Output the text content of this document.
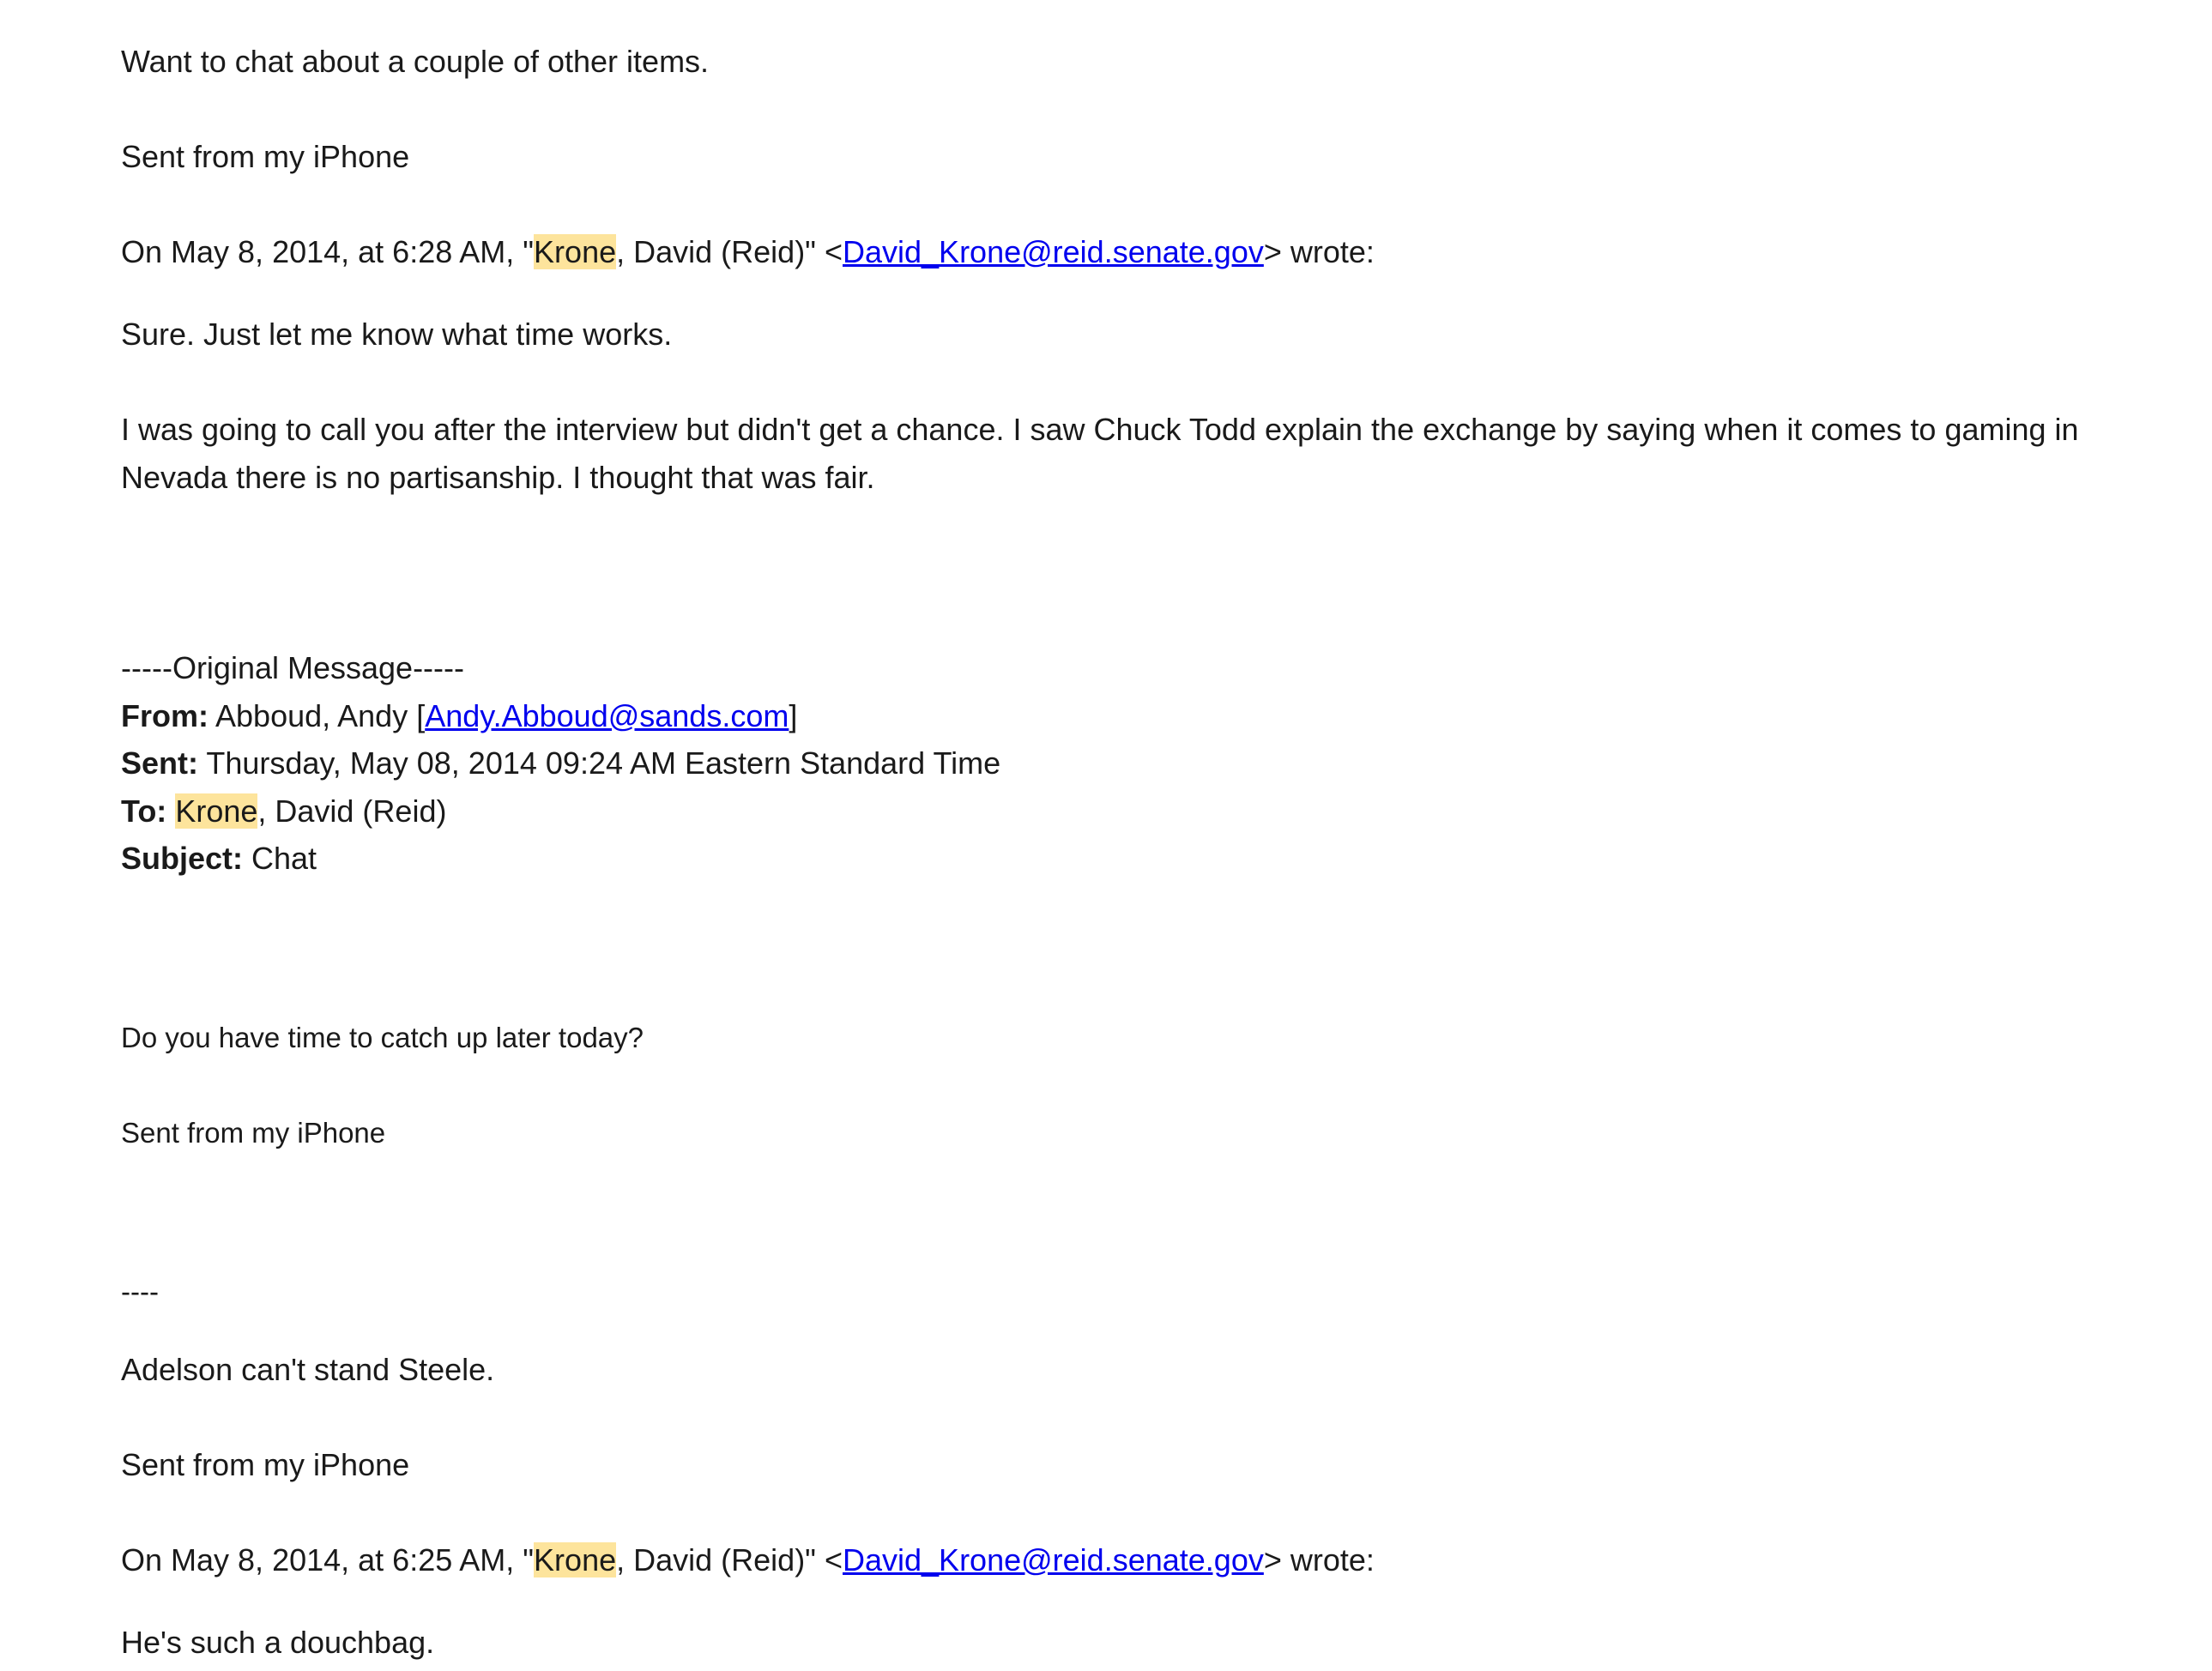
Want to chat about a couple of other items.
Sent from my iPhone
On May 8, 2014, at 6:28 AM, "Krone, David (Reid)" <David_Krone@reid.senate.gov> wrote:
Sure. Just let me know what time works.
I was going to call you after the interview but didn't get a chance. I saw Chuck Todd explain the exchange by saying when it comes to gaming in Nevada there is no partisanship. I thought that was fair.
-----Original Message-----
From: Abboud, Andy [Andy.Abboud@sands.com]
Sent: Thursday, May 08, 2014 09:24 AM Eastern Standard Time
To: Krone, David (Reid)
Subject: Chat
Do you have time to catch up later today?
Sent from my iPhone
----
Adelson can't stand Steele.
Sent from my iPhone
On May 8, 2014, at 6:25 AM, "Krone, David (Reid)" <David_Krone@reid.senate.gov> wrote:
He's such a douchbag.
